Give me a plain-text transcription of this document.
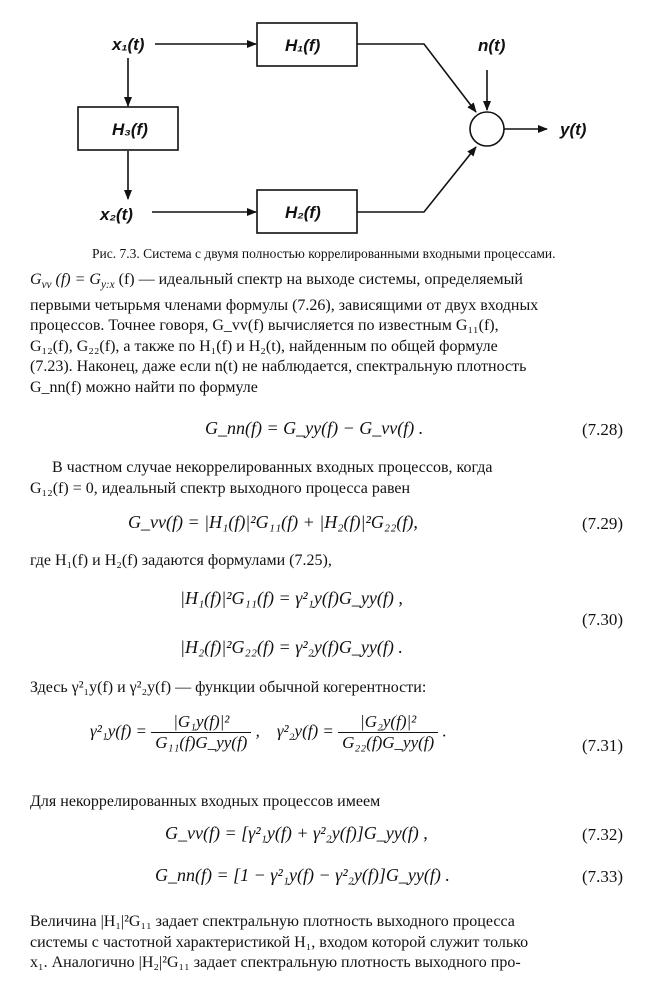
x₁(t)
x₂(t)
H₁(f)
H₃(f)
H₂(f)
n(t)
y(t)
Рис. 7.3. Система с двумя полностью коррелированными входными процессами.
$G_{vv}$ $(f) = G_{y:x}$ (f) — идеальный спектр на выходе системы, определяемый
первыми четырьмя членами формулы (7.26), зависящими от двух входных
процессов. Точнее говоря, G_vv(f) вычисляется по известным G₁₁(f),
G₁₂(f), G₂₂(f), а также по H₁(f) и H₂(t), найденным по общей формуле
(7.23). Наконец, даже если n(t) не наблюдается, спектральную плотность
G_nn(f) можно найти по формуле
G_nn(f) = G_yy(f) − G_vv(f) .	(7.28)
В частном случае некоррелированных входных процессов, когда
G₁₂(f) = 0, идеальный спектр выходного процесса равен
G_vv(f) = |H₁(f)|²G₁₁(f) + |H₂(f)|²G₂₂(f),	(7.29)
где H₁(f) и H₂(f) задаются формулами (7.25),
|H₁(f)|²G₁₁(f) = γ²₁y(f)G_yy(f) ,
|H₂(f)|²G₂₂(f) = γ²₂y(f)G_yy(f) .
(7.30)
Здесь γ²₁y(f) и γ²₂y(f) — функции обычной когерентности:
$\gamma^2_1y(f) = \frac{\text{|G₁y(f)|²}}{\text{G₁₁(f)G\_yy(f)}}$ , $\gamma^2_2y(f) = \frac{\text{|G₂y(f)|²}}{\text{G₂₂(f)G\_yy(f)}}$ .
(7.31)
Для некоррелированных входных процессов имеем
G_vv(f) = [γ²₁y(f) + γ²₂y(f)]G_yy(f) ,	(7.32)
G_nn(f) = [1 − γ²₁y(f) − γ²₂y(f)]G_yy(f) .	(7.33)
Величина |H₁|²G₁₁ задает спектральную плотность выходного процесса
системы с частотной характеристикой H₁, входом которой служит только
x₁. Аналогично |H₂|²G₁₁ задает спектральную плотность выходного про-
